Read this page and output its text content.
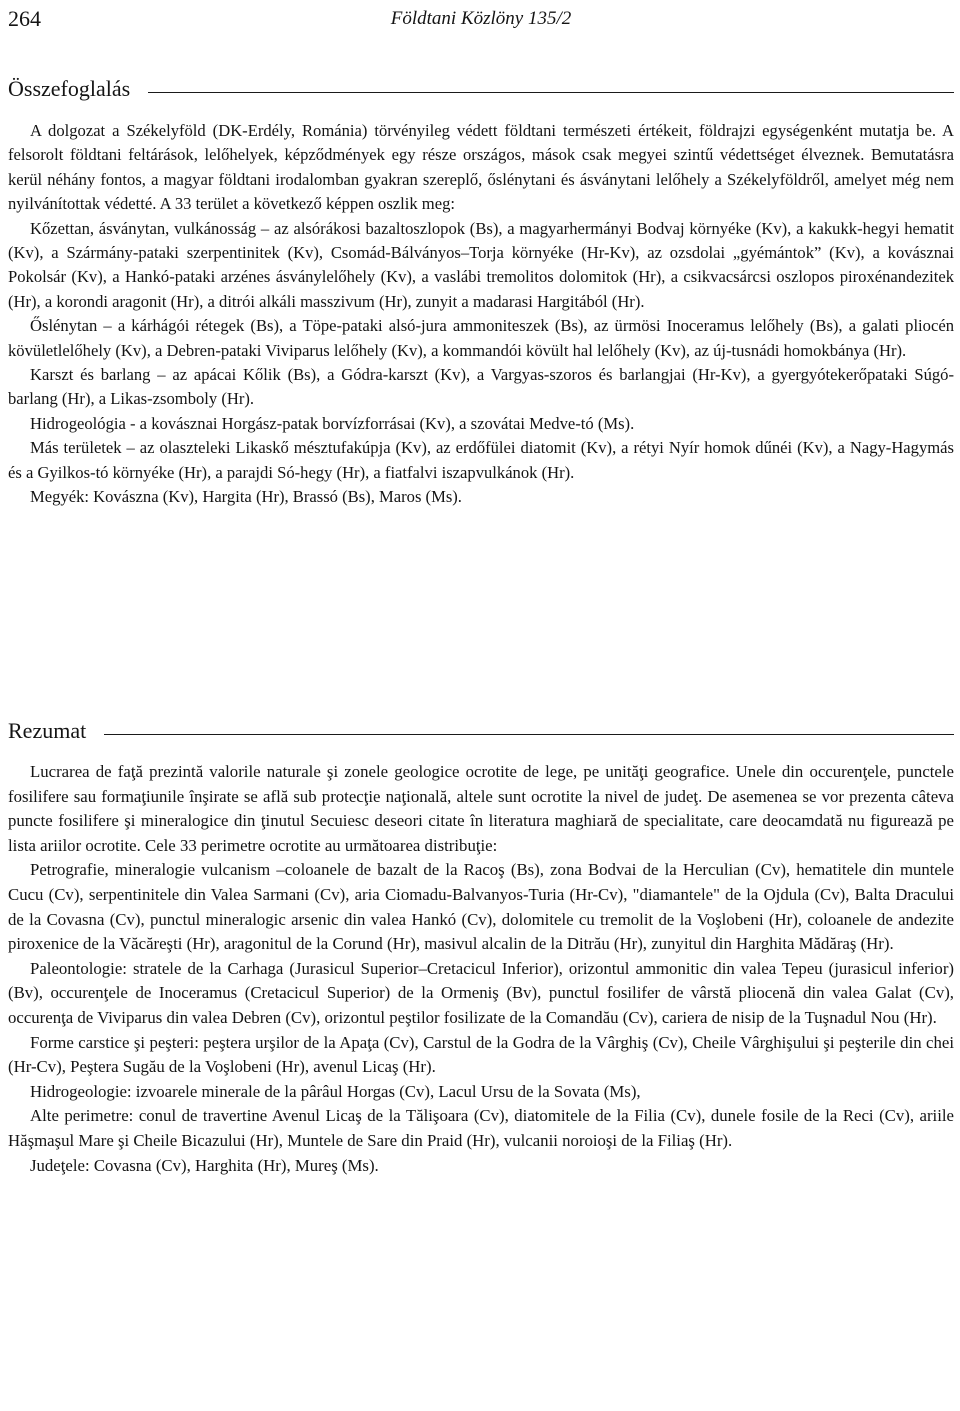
264	Földtani Közlöny 135/2
Összefoglalás

A dolgozat a Székelyföld (DK-Erdély, Románia) törvényileg védett földtani természeti értékeit, földrajzi egységenként mutatja be. A felsorolt földtani feltárások, lelőhelyek, képződmények egy része országos, mások csak megyei szintű védettséget élveznek. Bemutatásra kerül néhány fontos, a magyar földtani irodalomban gyakran szereplő, őslénytani és ásványtani lelőhely a Székelyföldről, amelyet még nem nyilvánítottak védetté. A 33 terület a következő képpen oszlik meg:

Kőzettan, ásványtan, vulkánosság – az alsórákosi bazaltoszlopok (Bs), a magyarhermányi Bodvaj környéke (Kv), a kakukk-hegyi hematit (Kv), a Szármány-pataki szerpentinitek (Kv), Csomád-Bálványos–Torja környéke (Hr-Kv), az ozsdolai „gyémántok” (Kv), a kovásznai Pokolsár (Kv), a Hankó-pataki arzénes ásványlelőhely (Kv), a vaslábi tremolitos dolomitok (Hr), a csikvacsárcsi oszlopos piroxénandezitek (Hr), a korondi aragonit (Hr), a ditrói alkáli masszivum (Hr), zunyit a madarasi Hargitából (Hr).

Őslénytan – a kárhágói rétegek (Bs), a Töpe-pataki alsó-jura ammoniteszek (Bs), az ürmösi Inoceramus lelőhely (Bs), a galati pliocén kövületlelőhely (Kv), a Debren-pataki Viviparus lelőhely (Kv), a kommandói kövült hal lelőhely (Kv), az új-tusnádi homokbánya (Hr).

Karszt és barlang – az apácai Kőlik (Bs), a Gódra-karszt (Kv), a Vargyas-szoros és barlangjai (Hr-Kv), a gyergyótekerőpataki Súgó-barlang (Hr), a Likas-zsomboly (Hr).

Hidrogeológia - a kovásznai Horgász-patak borvízforrásai (Kv), a szovátai Medve-tó (Ms).

Más területek – az olaszteleki Likaskő mésztufakúpja (Kv), az erdőfülei diatomit (Kv), a rétyi Nyír homok dűnéi (Kv), a Nagy-Hagymás és a Gyilkos-tó környéke (Hr), a parajdi Só-hegy (Hr), a fiatfalvi iszapvulkánok (Hr).

Megyék: Kovászna (Kv), Hargita (Hr), Brassó (Bs), Maros (Ms).

Rezumat

Lucrarea de faţă prezintă valorile naturale şi zonele geologice ocrotite de lege, pe unităţi geografice. Unele din occurenţele, punctele fosilifere sau formaţiunile înşirate se află sub protecţie naţională, altele sunt ocrotite la nivel de judeţ. De asemenea se vor prezenta câteva puncte fosilifere şi mineralogice din ţinutul Secuiesc deseori citate în literatura maghiară de specialitate, care deocamdată nu figurează pe lista ariilor ocrotite. Cele 33 perimetre ocrotite au următoarea distribuţie:

Petrografie, mineralogie vulcanism –coloanele de bazalt de la Racoş (Bs), zona Bodvai de la Herculian (Cv), hematitele din muntele Cucu (Cv), serpentinitele din Valea Sarmani (Cv), aria Ciomadu-Balvanyos-Turia (Hr-Cv), "diamantele" de la Ojdula (Cv), Balta Dracului de la Covasna (Cv), punctul mineralogic arsenic din valea Hankó (Cv), dolomitele cu tremolit de la Voşlobeni (Hr), coloanele de andezite piroxenice de la Văcăreşti (Hr), aragonitul de la Corund (Hr), masivul alcalin de la Ditrău (Hr), zunyitul din Harghita Mădăraş (Hr).

Paleontologie: stratele de la Carhaga (Jurasicul Superior–Cretacicul Inferior), orizontul ammonitic din valea Tepeu (jurasicul inferior) (Bv), occurenţele de Inoceramus (Cretacicul Superior) de la Ormeniş (Bv), punctul fosilifer de vârstă pliocenă din valea Galat (Cv), occurenţa de Viviparus din valea Debren (Cv), orizontul peştilor fosilizate de la Comandău (Cv), cariera de nisip de la Tuşnadul Nou (Hr).

Forme carstice şi peşteri: peştera urşilor de la Apaţa (Cv), Carstul de la Godra de la Vârghiş (Cv), Cheile Vârghişului şi peşterile din chei (Hr-Cv), Peştera Sugău de la Voşlobeni (Hr), avenul Licaş (Hr).

Hidrogeologie: izvoarele minerale de la pârâul Horgas (Cv), Lacul Ursu de la Sovata (Ms),

Alte perimetre: conul de travertine Avenul Licaş de la Tălişoara (Cv), diatomitele de la Filia (Cv), dunele fosile de la Reci (Cv), ariile Hăşmaşul Mare şi Cheile Bicazului (Hr), Muntele de Sare din Praid (Hr), vulcanii noroioşi de la Filiaş (Hr).

Judeţele: Covasna (Cv), Harghita (Hr), Mureş (Ms).
